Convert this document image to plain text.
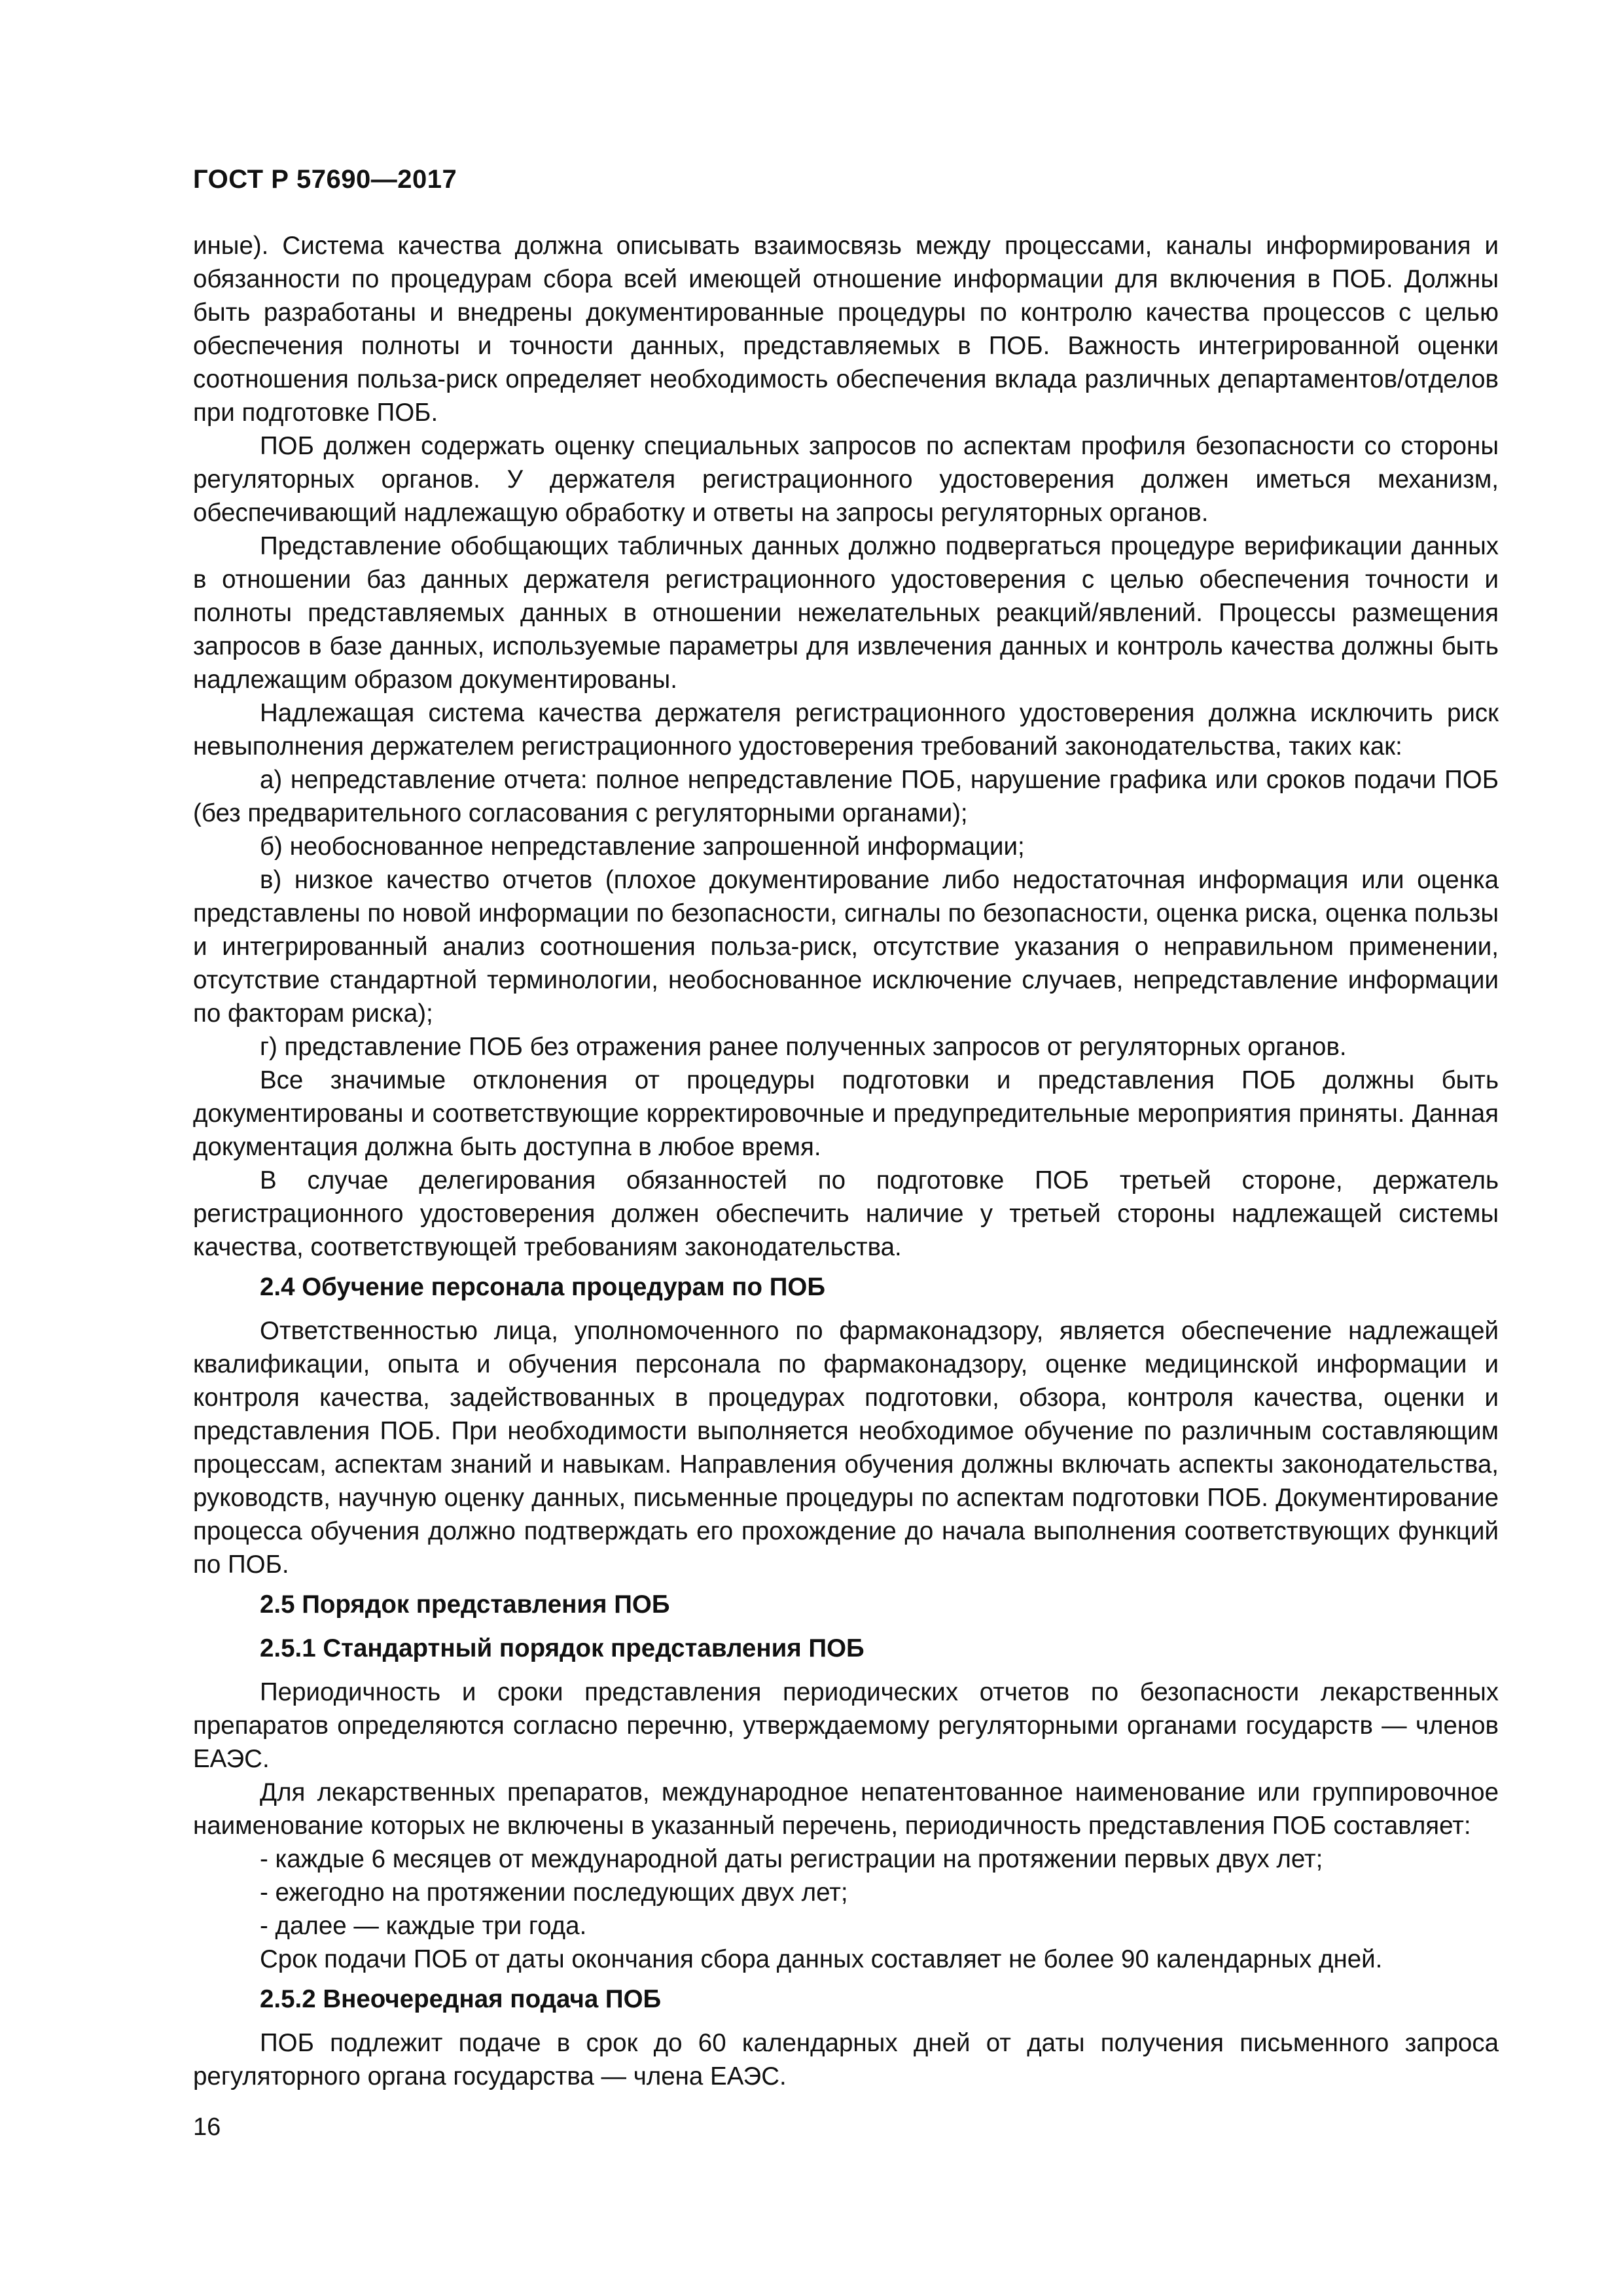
ГОСТ Р 57690—2017

иные). Система качества должна описывать взаимосвязь между процессами, каналы информирования и обязанности по процедурам сбора всей имеющей отношение информации для включения в ПОБ. Должны быть разработаны и внедрены документированные процедуры по контролю качества процессов с целью обеспечения полноты и точности данных, представляемых в ПОБ. Важность интегрированной оценки соотношения польза-риск определяет необходимость обеспечения вклада различных департаментов/отделов при подготовке ПОБ.

ПОБ должен содержать оценку специальных запросов по аспектам профиля безопасности со стороны регуляторных органов. У держателя регистрационного удостоверения должен иметься механизм, обеспечивающий надлежащую обработку и ответы на запросы регуляторных органов.

Представление обобщающих табличных данных должно подвергаться процедуре верификации данных в отношении баз данных держателя регистрационного удостоверения с целью обеспечения точности и полноты представляемых данных в отношении нежелательных реакций/явлений. Процессы размещения запросов в базе данных, используемые параметры для извлечения данных и контроль качества должны быть надлежащим образом документированы.

Надлежащая система качества держателя регистрационного удостоверения должна исключить риск невыполнения держателем регистрационного удостоверения требований законодательства, таких как:

а) непредставление отчета: полное непредставление ПОБ, нарушение графика или сроков подачи ПОБ (без предварительного согласования с регуляторными органами);
б) необоснованное непредставление запрошенной информации;
в) низкое качество отчетов (плохое документирование либо недостаточная информация или оценка представлены по новой информации по безопасности, сигналы по безопасности, оценка риска, оценка пользы и интегрированный анализ соотношения польза-риск, отсутствие указания о неправильном применении, отсутствие стандартной терминологии, необоснованное исключение случаев, непредставление информации по факторам риска);
г) представление ПОБ без отражения ранее полученных запросов от регуляторных органов.

Все значимые отклонения от процедуры подготовки и представления ПОБ должны быть документированы и соответствующие корректировочные и предупредительные мероприятия приняты. Данная документация должна быть доступна в любое время.

В случае делегирования обязанностей по подготовке ПОБ третьей стороне, держатель регистрационного удостоверения должен обеспечить наличие у третьей стороны надлежащей системы качества, соответствующей требованиям законодательства.

2.4 Обучение персонала процедурам по ПОБ

Ответственностью лица, уполномоченного по фармаконадзору, является обеспечение надлежащей квалификации, опыта и обучения персонала по фармаконадзору, оценке медицинской информации и контроля качества, задействованных в процедурах подготовки, обзора, контроля качества, оценки и представления ПОБ. При необходимости выполняется необходимое обучение по различным составляющим процессам, аспектам знаний и навыкам. Направления обучения должны включать аспекты законодательства, руководств, научную оценку данных, письменные процедуры по аспектам подготовки ПОБ. Документирование процесса обучения должно подтверждать его прохождение до начала выполнения соответствующих функций по ПОБ.

2.5 Порядок представления ПОБ
2.5.1 Стандартный порядок представления ПОБ

Периодичность и сроки представления периодических отчетов по безопасности лекарственных препаратов определяются согласно перечню, утверждаемому регуляторными органами государств — членов ЕАЭС.

Для лекарственных препаратов, международное непатентованное наименование или группировочное наименование которых не включены в указанный перечень, периодичность представления ПОБ составляет:

- каждые 6 месяцев от международной даты регистрации на протяжении первых двух лет;
- ежегодно на протяжении последующих двух лет;
- далее — каждые три года.

Срок подачи ПОБ от даты окончания сбора данных составляет не более 90 календарных дней.

2.5.2 Внеочередная подача ПОБ

ПОБ подлежит подаче в срок до 60 календарных дней от даты получения письменного запроса регуляторного органа государства — члена ЕАЭС.

16
